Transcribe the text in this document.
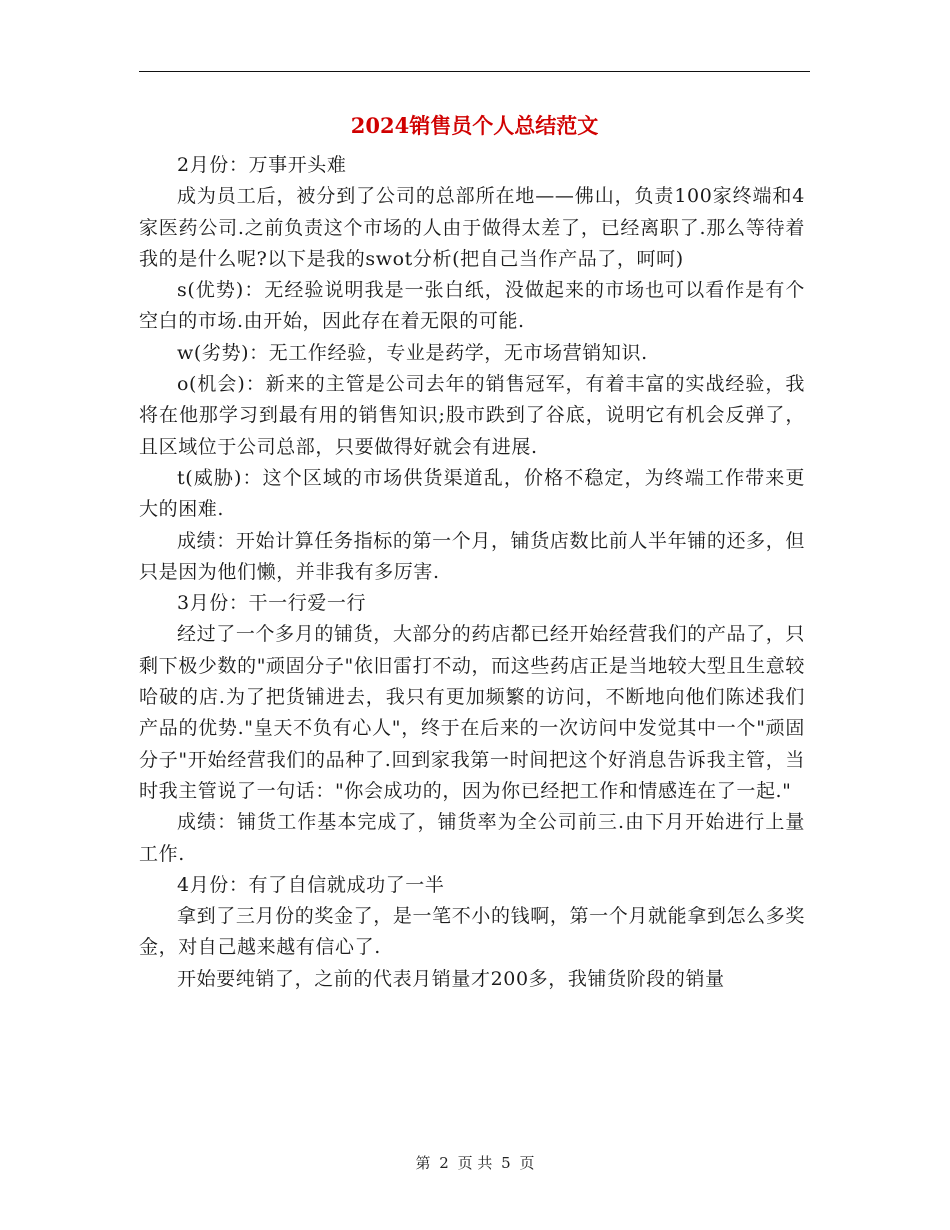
2024销售员个人总结范文

2月份：万事开头难

成为员工后，被分到了公司的总部所在地——佛山，负责100家终端和4家医药公司.之前负责这个市场的人由于做得太差了，已经离职了.那么等待着我的是什么呢?以下是我的swot分析(把自己当作产品了，呵呵)

s(优势)：无经验说明我是一张白纸，没做起来的市场也可以看作是有个空白的市场.由开始，因此存在着无限的可能.

w(劣势)：无工作经验，专业是药学，无市场营销知识.

o(机会)：新来的主管是公司去年的销售冠军，有着丰富的实战经验，我将在他那学习到最有用的销售知识;股市跌到了谷底，说明它有机会反弹了，且区域位于公司总部，只要做得好就会有进展.

t(威胁)：这个区域的市场供货渠道乱，价格不稳定，为终端工作带来更大的困难.

成绩：开始计算任务指标的第一个月，铺货店数比前人半年铺的还多，但只是因为他们懒，并非我有多厉害.

3月份：干一行爱一行

经过了一个多月的铺货，大部分的药店都已经开始经营我们的产品了，只剩下极少数的"顽固分子"依旧雷打不动，而这些药店正是当地较大型且生意较哈破的店.为了把货铺进去，我只有更加频繁的访问，不断地向他们陈述我们产品的优势."皇天不负有心人"，终于在后来的一次访问中发觉其中一个"顽固分子"开始经营我们的品种了.回到家我第一时间把这个好消息告诉我主管，当时我主管说了一句话："你会成功的，因为你已经把工作和情感连在了一起."

成绩：铺货工作基本完成了，铺货率为全公司前三.由下月开始进行上量工作.

4月份：有了自信就成功了一半

拿到了三月份的奖金了，是一笔不小的钱啊，第一个月就能拿到怎么多奖金，对自己越来越有信心了.

开始要纯销了，之前的代表月销量才200多，我铺货阶段的销量

第 2 页 共 5 页
